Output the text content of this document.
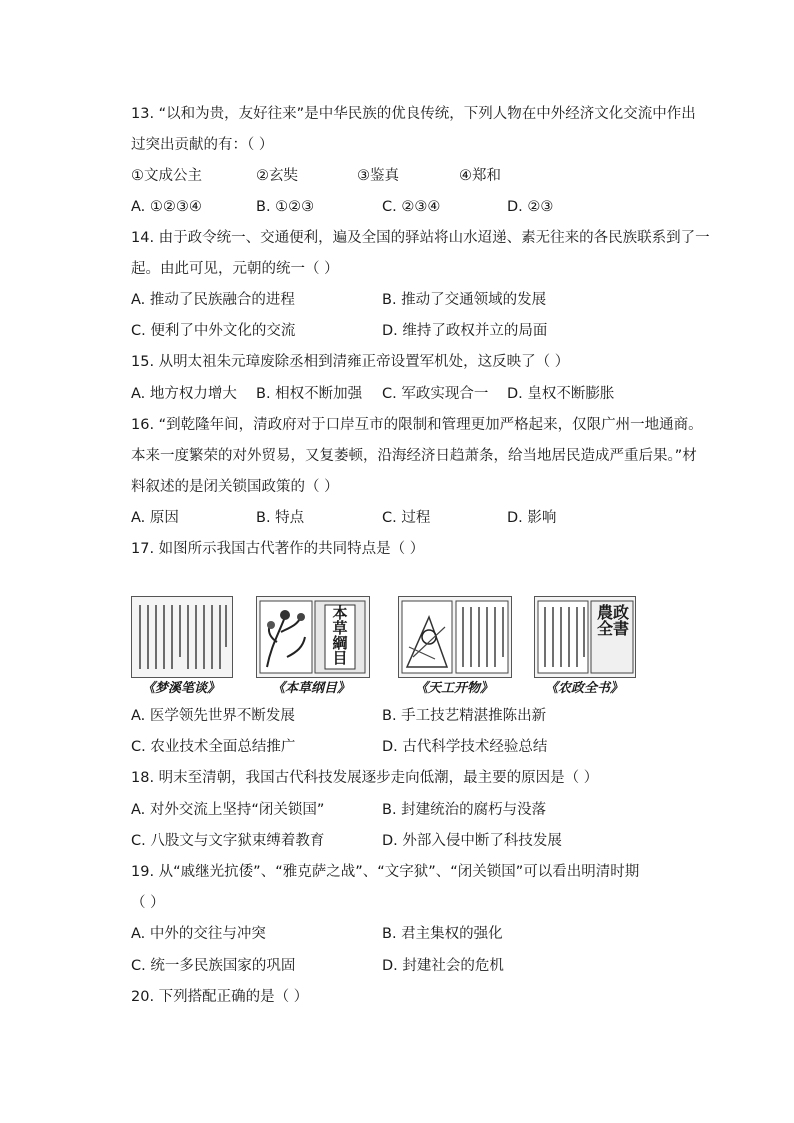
13. “以和为贵，友好往来”是中华民族的优良传统，下列人物在中外经济文化交流中作出
过突出贡献的有：（ ）
①文成公主	②玄奘	③鉴真	④郑和
A. ①②③④	B. ①②③	C. ②③④	D. ②③
14. 由于政令统一、交通便利，遍及全国的驿站将山水迢递、素无往来的各民族联系到了一
起。由此可见，元朝的统一（ ）
A. 推动了民族融合的进程	B. 推动了交通领域的发展
C. 便利了中外文化的交流	D. 维持了政权并立的局面
15. 从明太祖朱元璋废除丞相到清雍正帝设置军机处，这反映了（ ）
A. 地方权力增大 B. 相权不断加强 C. 军政实现合一 D. 皇权不断膨胀
16. “到乾隆年间，清政府对于口岸互市的限制和管理更加严格起来，仅限广州一地通商。
本来一度繁荣的对外贸易，又复萎顿，沿海经济日趋萧条，给当地居民造成严重后果。”材
料叙述的是闭关锁国政策的（ ）
A. 原因	B. 特点	C. 过程	D. 影响
17. 如图所示我国古代著作的共同特点是（ ）
《梦溪笔谈》
本草綱目
《本草纲目》	《天工开物》
農政全書
《农政全书》
A. 医学领先世界不断发展	B. 手工技艺精湛推陈出新
C. 农业技术全面总结推广	D. 古代科学技术经验总结
18. 明末至清朝，我国古代科技发展逐步走向低潮，最主要的原因是（ ）
A. 对外交流上坚持“闭关锁国”	B. 封建统治的腐朽与没落
C. 八股文与文字狱束缚着教育	D. 外部入侵中断了科技发展
19. 从“戚继光抗倭”、“雅克萨之战”、“文字狱”、“闭关锁国”可以看出明清时期
（ ）
A. 中外的交往与冲突	B. 君主集权的强化
C. 统一多民族国家的巩固	D. 封建社会的危机
20. 下列搭配正确的是（ ）
